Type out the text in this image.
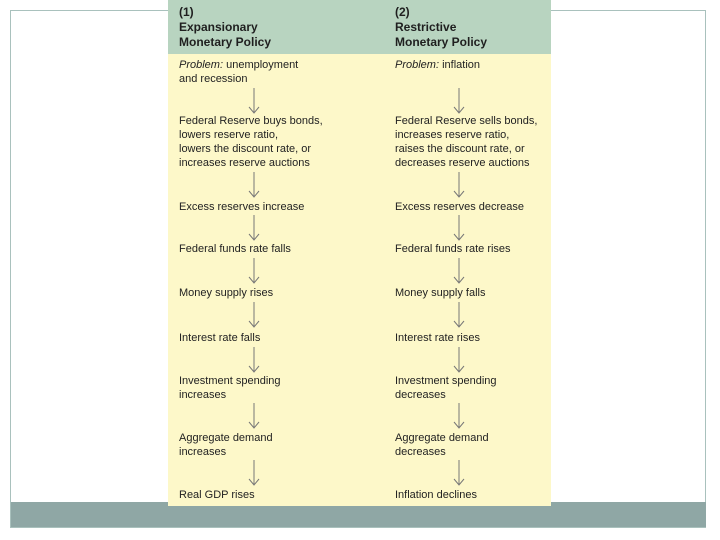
(1)
Expansionary
Monetary Policy
Problem: unemployment
and recession
Federal Reserve buys bonds,
lowers reserve ratio,
lowers the discount rate, or
increases reserve auctions
Excess reserves increase
Federal funds rate falls
Money supply rises
Interest rate falls
Investment spending
increases
Aggregate demand
increases
Real GDP rises
(2)
Restrictive
Monetary Policy
Problem: inflation
Federal Reserve sells bonds,
increases reserve ratio,
raises the discount rate, or
decreases reserve auctions
Excess reserves decrease
Federal funds rate rises
Money supply falls
Interest rate rises
Investment spending
decreases
Aggregate demand
decreases
Inflation declines
